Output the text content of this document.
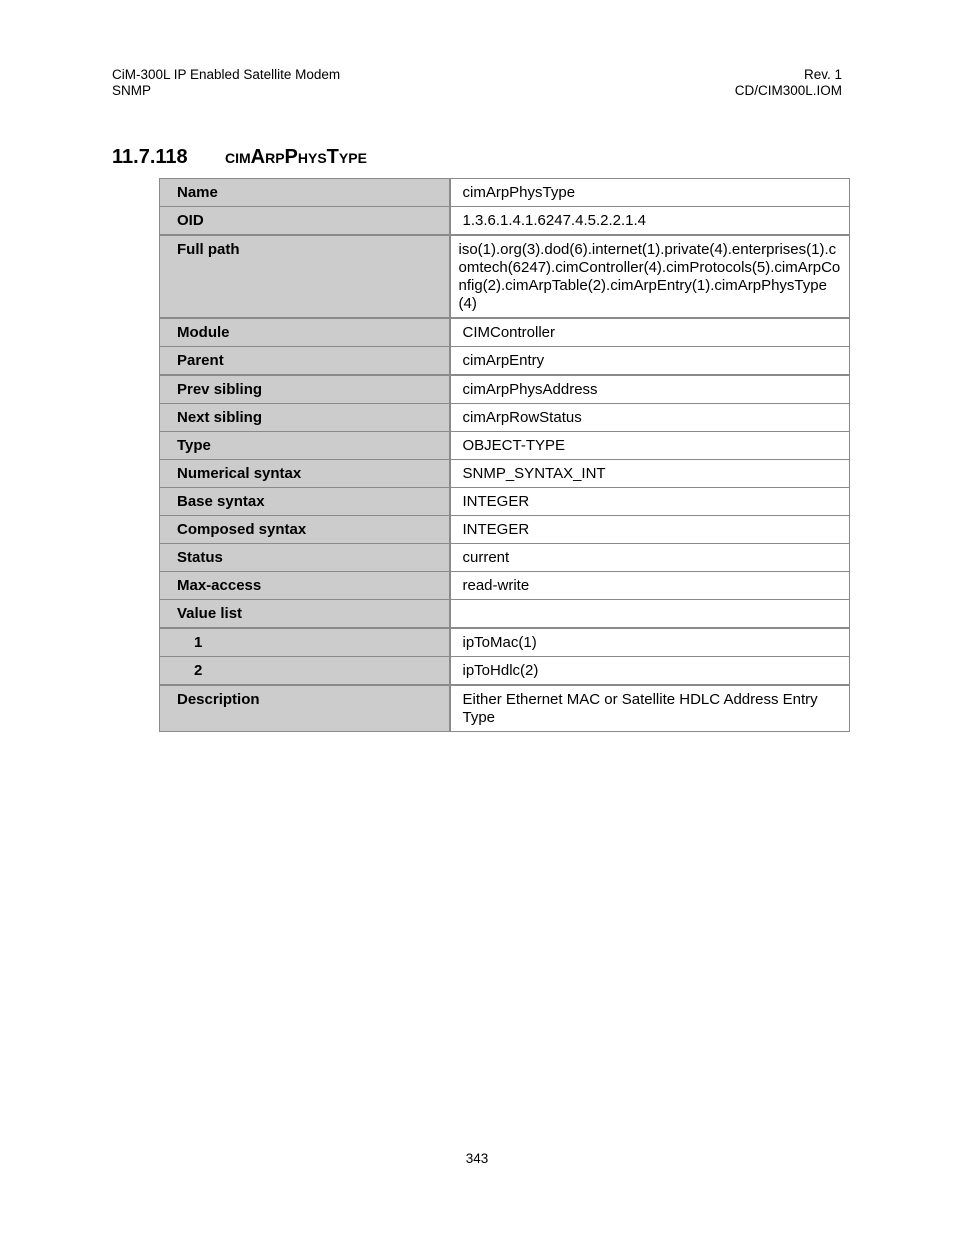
CiM-300L IP Enabled Satellite Modem
SNMP
Rev. 1
CD/CIM300L.IOM
11.7.118 cimArpPhysType
Name	cimArpPhysType
OID	1.3.6.1.4.1.6247.4.5.2.2.1.4
Full path	iso(1).org(3).dod(6).internet(1).private(4).enterprises(1).comtech(6247).cimController(4).cimProtocols(5).cimArpConfig(2).cimArpTable(2).cimArpEntry(1).cimArpPhysType(4)
Module	CIMController
Parent	cimArpEntry
Prev sibling	cimArpPhysAddress
Next sibling	cimArpRowStatus
Type	OBJECT-TYPE
Numerical syntax	SNMP_SYNTAX_INT
Base syntax	INTEGER
Composed syntax	INTEGER
Status	current
Max-access	read-write
Value list	
1	ipToMac(1)
2	ipToHdlc(2)
Description	Either Ethernet MAC or Satellite HDLC Address Entry Type
343
